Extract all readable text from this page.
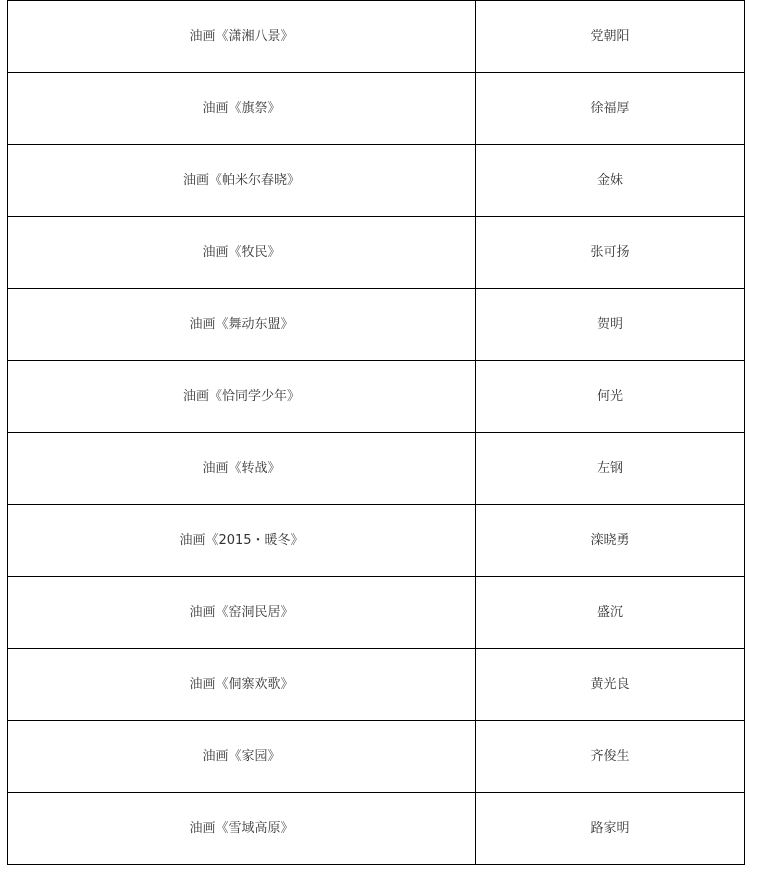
油画《潇湘八景》	党朝阳
油画《旗祭》	徐福厚
油画《帕米尔春晓》	金妹
油画《牧民》	张可扬
油画《舞动东盟》	贺明
油画《恰同学少年》	何光
油画《转战》	左钢
油画《2015・暖冬》	滦晓勇
油画《窑洞民居》	盛沉
油画《侗寨欢歌》	黄光良
油画《家园》	齐俊生
油画《雪域高原》	路家明
